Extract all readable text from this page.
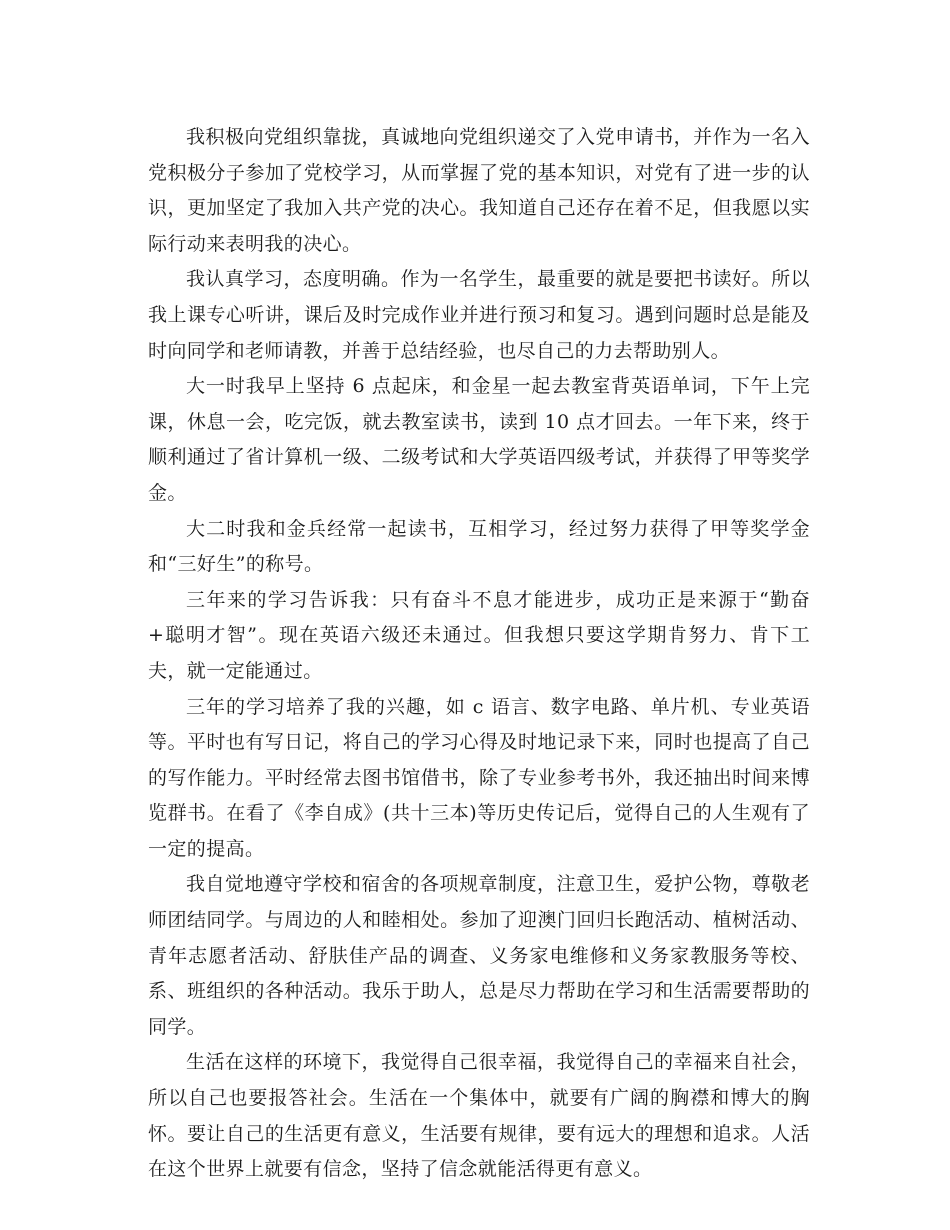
我积极向党组织靠拢，真诚地向党组织递交了入党申请书，并作为一名入党积极分子参加了党校学习，从而掌握了党的基本知识，对党有了进一步的认识，更加坚定了我加入共产党的决心。我知道自己还存在着不足，但我愿以实际行动来表明我的决心。

我认真学习，态度明确。作为一名学生，最重要的就是要把书读好。所以我上课专心听讲，课后及时完成作业并进行预习和复习。遇到问题时总是能及时向同学和老师请教，并善于总结经验，也尽自己的力去帮助别人。

大一时我早上坚持 6 点起床，和金星一起去教室背英语单词，下午上完课，休息一会，吃完饭，就去教室读书，读到 10 点才回去。一年下来，终于顺利通过了省计算机一级、二级考试和大学英语四级考试，并获得了甲等奖学金。

大二时我和金兵经常一起读书，互相学习，经过努力获得了甲等奖学金和“三好生”的称号。

三年来的学习告诉我：只有奋斗不息才能进步，成功正是来源于“勤奋+聪明才智”。现在英语六级还未通过。但我想只要这学期肯努力、肯下工夫，就一定能通过。

三年的学习培养了我的兴趣，如 c 语言、数字电路、单片机、专业英语等。平时也有写日记，将自己的学习心得及时地记录下来，同时也提高了自己的写作能力。平时经常去图书馆借书，除了专业参考书外，我还抽出时间来博览群书。在看了《李自成》(共十三本)等历史传记后，觉得自己的人生观有了一定的提高。

我自觉地遵守学校和宿舍的各项规章制度，注意卫生，爱护公物，尊敬老师团结同学。与周边的人和睦相处。参加了迎澳门回归长跑活动、植树活动、青年志愿者活动、舒肤佳产品的调查、义务家电维修和义务家教服务等校、系、班组织的各种活动。我乐于助人，总是尽力帮助在学习和生活需要帮助的同学。

生活在这样的环境下，我觉得自己很幸福，我觉得自己的幸福来自社会，所以自己也要报答社会。生活在一个集体中，就要有广阔的胸襟和博大的胸怀。要让自己的生活更有意义，生活要有规律，要有远大的理想和追求。人活在这个世界上就要有信念，坚持了信念就能活得更有意义。
